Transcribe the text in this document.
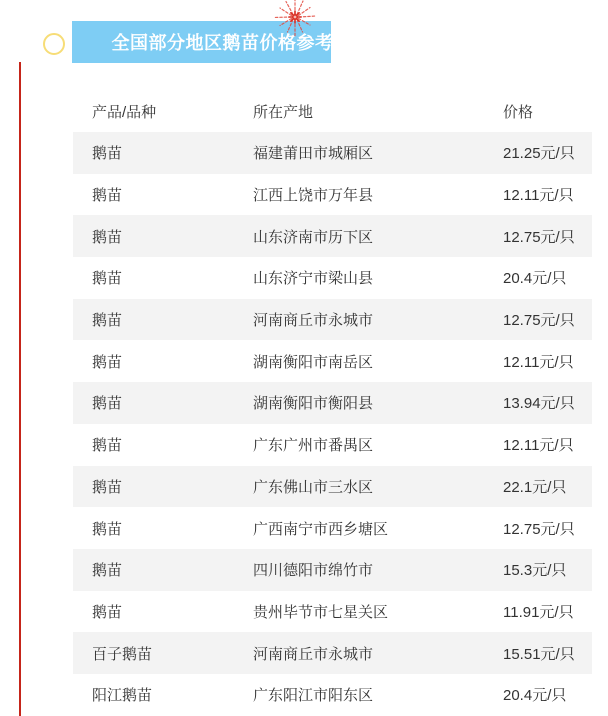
全国部分地区鹅苗价格参考
产品/品种	所在产地	价格
鹅苗	福建莆田市城厢区	21.25元/只
鹅苗	江西上饶市万年县	12.11元/只
鹅苗	山东济南市历下区	12.75元/只
鹅苗	山东济宁市梁山县	20.4元/只
鹅苗	河南商丘市永城市	12.75元/只
鹅苗	湖南衡阳市南岳区	12.11元/只
鹅苗	湖南衡阳市衡阳县	13.94元/只
鹅苗	广东广州市番禺区	12.11元/只
鹅苗	广东佛山市三水区	22.1元/只
鹅苗	广西南宁市西乡塘区	12.75元/只
鹅苗	四川德阳市绵竹市	15.3元/只
鹅苗	贵州毕节市七星关区	11.91元/只
百子鹅苗	河南商丘市永城市	15.51元/只
阳江鹅苗	广东阳江市阳东区	20.4元/只
